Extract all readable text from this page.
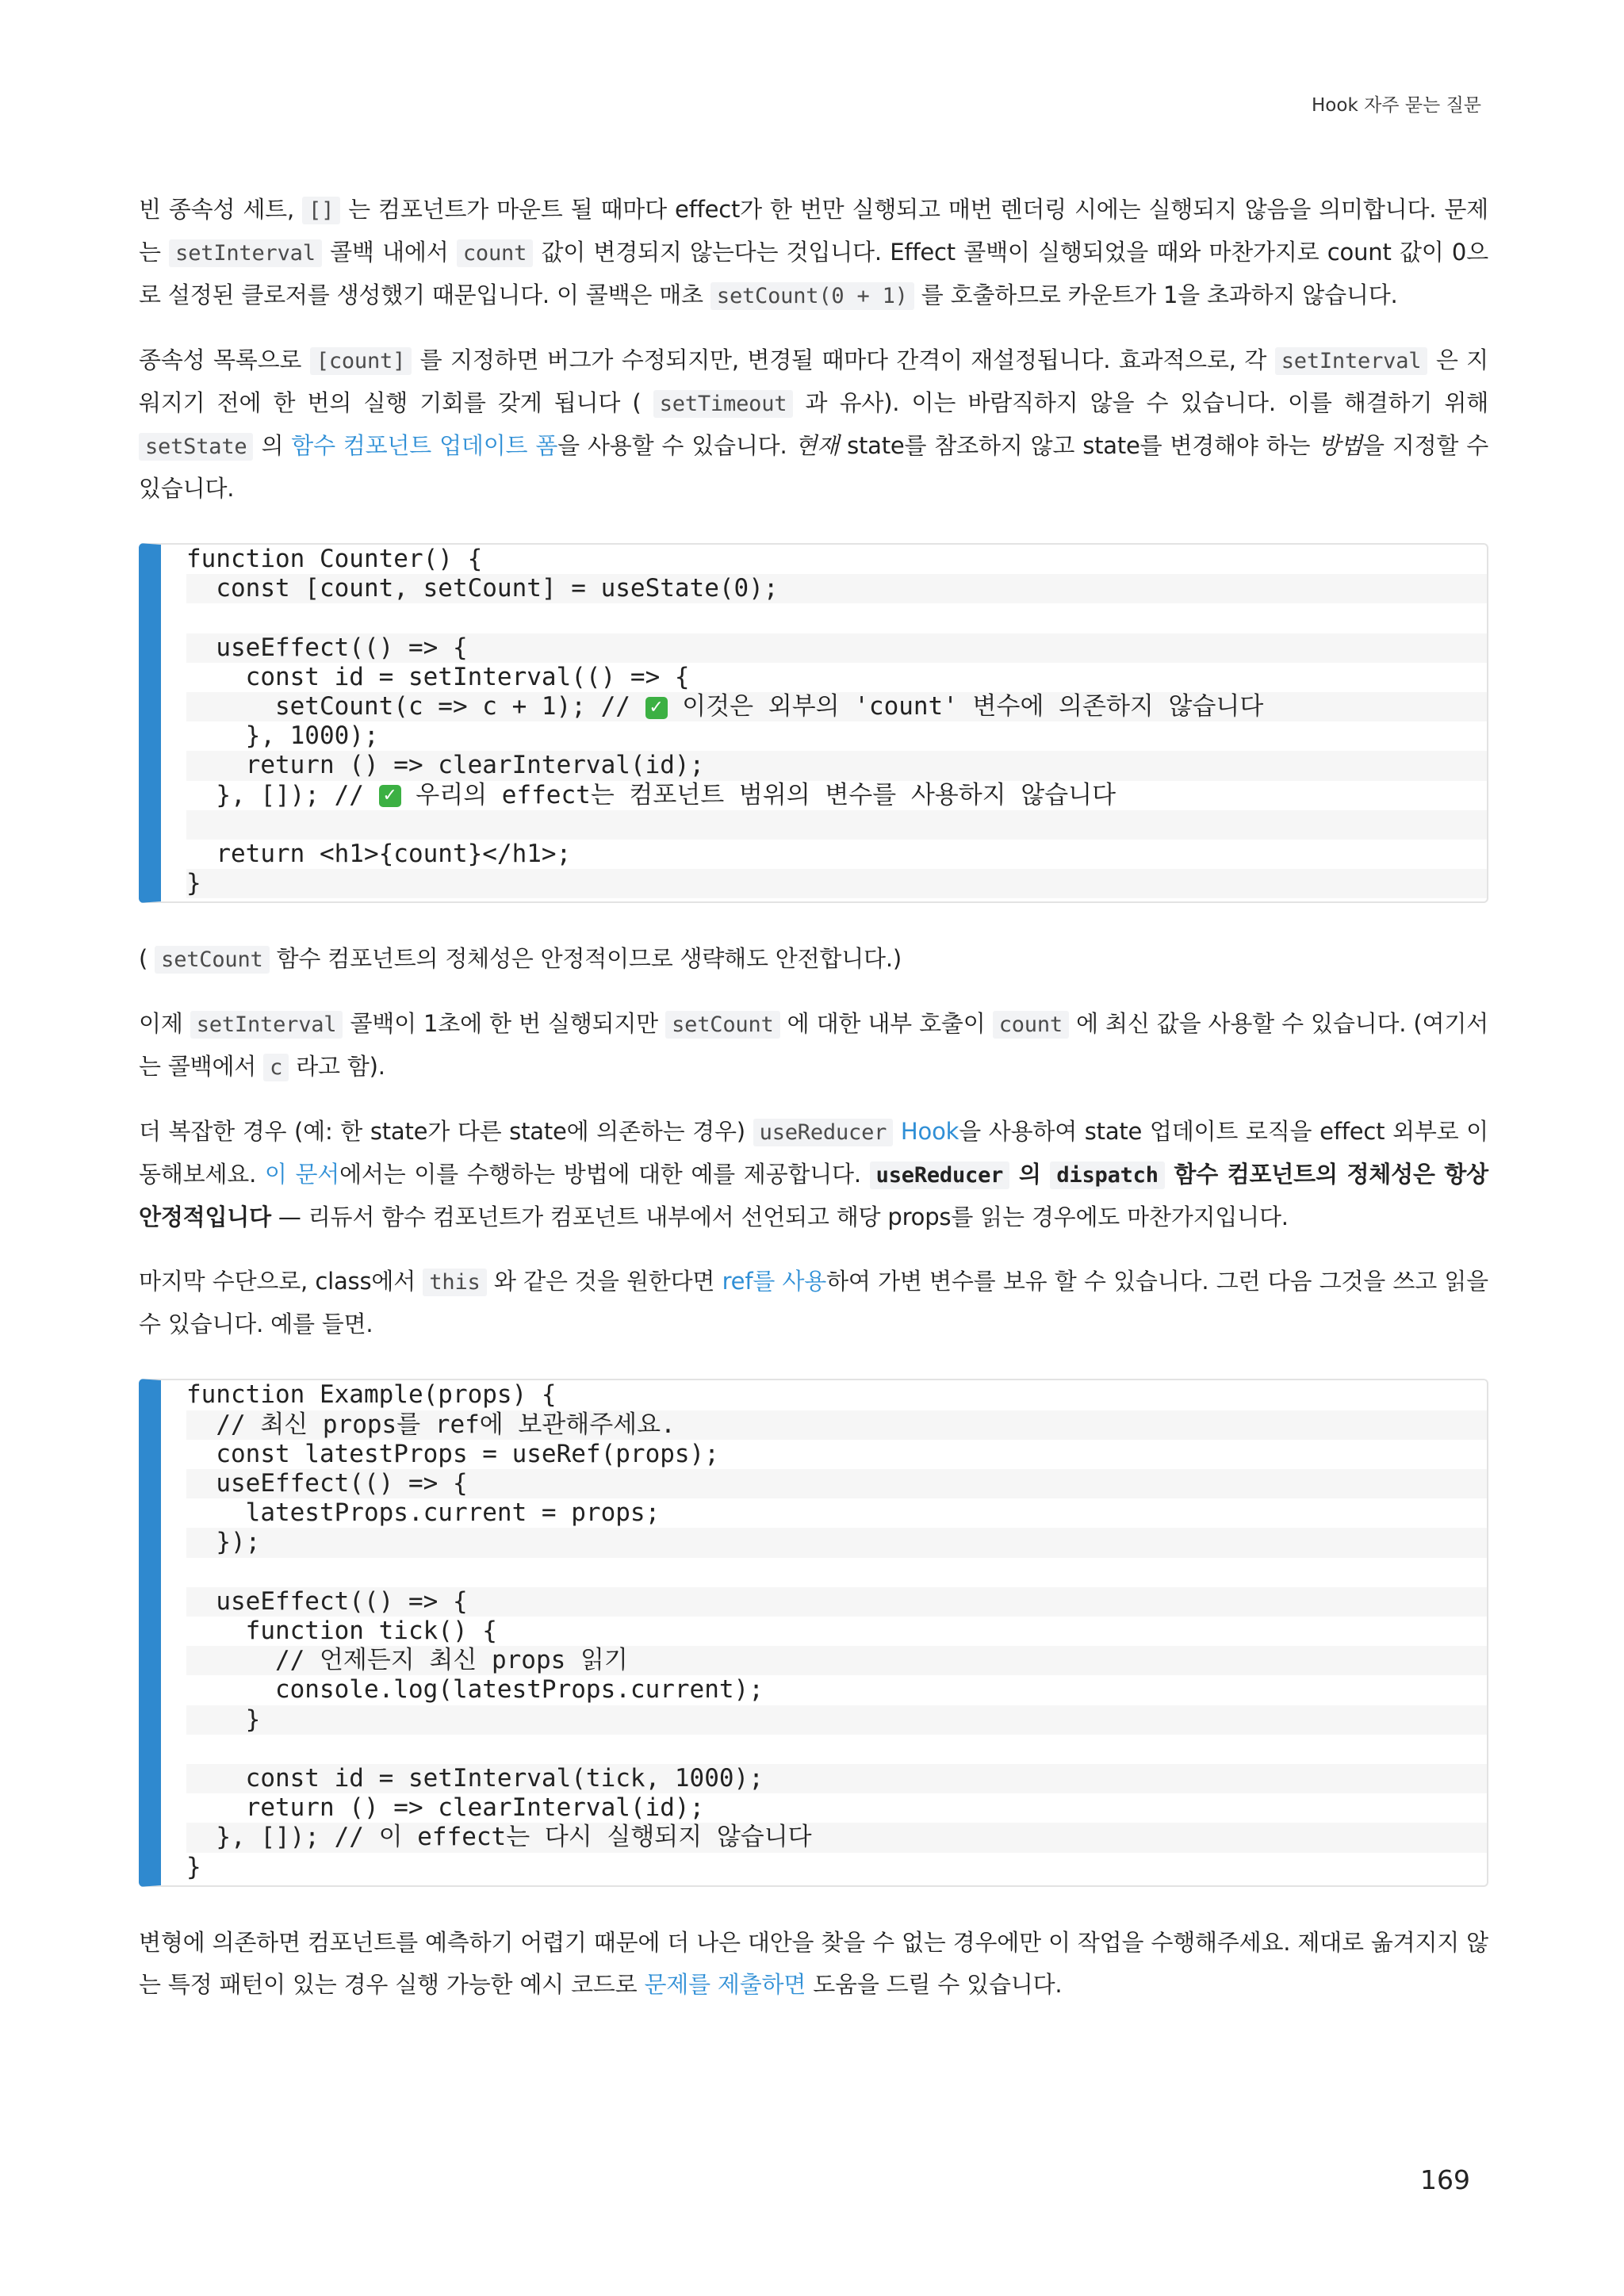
Hook 자주 묻는 질문

빈 종속성 세트, [] 는 컴포넌트가 마운트 될 때마다 effect가 한 번만 실행되고 매번 렌더링 시에는 실행되지 않음을 의미합니다. 문제는 setInterval 콜백 내에서 count 값이 변경되지 않는다는 것입니다. Effect 콜백이 실행되었을 때와 마찬가지로 count 값이 0으로 설정된 클로저를 생성했기 때문입니다. 이 콜백은 매초 setCount(0 + 1) 를 호출하므로 카운트가 1을 초과하지 않습니다.

종속성 목록으로 [count] 를 지정하면 버그가 수정되지만, 변경될 때마다 간격이 재설정됩니다. 효과적으로, 각 setInterval 은 지워지기 전에 한 번의 실행 기회를 갖게 됩니다 ( setTimeout 과 유사). 이는 바람직하지 않을 수 있습니다. 이를 해결하기 위해 setState 의 함수 컴포넌트 업데이트 폼을 사용할 수 있습니다. 현재 state를 참조하지 않고 state를 변경해야 하는 방법을 지정할 수 있습니다.

function Counter() {
const [count, setCount] = useState(0);

useEffect(() => {
const id = setInterval(() => {
setCount(c => c + 1); // ✓ 이것은 외부의 'count' 변수에 의존하지 않습니다
}, 1000);
return () => clearInterval(id);
}, []); // ✓ 우리의 effect는 컴포넌트 범위의 변수를 사용하지 않습니다

return <h1>{count}</h1>;
}

( setCount 함수 컴포넌트의 정체성은 안정적이므로 생략해도 안전합니다.)

이제 setInterval 콜백이 1초에 한 번 실행되지만 setCount 에 대한 내부 호출이 count 에 최신 값을 사용할 수 있습니다. (여기서는 콜백에서 c 라고 함).

더 복잡한 경우 (예: 한 state가 다른 state에 의존하는 경우) useReducer Hook을 사용하여 state 업데이트 로직을 effect 외부로 이동해보세요. 이 문서에서는 이를 수행하는 방법에 대한 예를 제공합니다. useReducer 의 dispatch 함수 컴포넌트의 정체성은 항상 안정적입니다 — 리듀서 함수 컴포넌트가 컴포넌트 내부에서 선언되고 해당 props를 읽는 경우에도 마찬가지입니다.

마지막 수단으로, class에서 this 와 같은 것을 원한다면 ref를 사용하여 가변 변수를 보유 할 수 있습니다. 그런 다음 그것을 쓰고 읽을 수 있습니다. 예를 들면.

function Example(props) {
// 최신 props를 ref에 보관해주세요.
const latestProps = useRef(props);
useEffect(() => {
latestProps.current = props;
});

useEffect(() => {
function tick() {
// 언제든지 최신 props 읽기
console.log(latestProps.current);
}

const id = setInterval(tick, 1000);
return () => clearInterval(id);
}, []); // 이 effect는 다시 실행되지 않습니다
}

변형에 의존하면 컴포넌트를 예측하기 어렵기 때문에 더 나은 대안을 찾을 수 없는 경우에만 이 작업을 수행해주세요. 제대로 옮겨지지 않는 특정 패턴이 있는 경우 실행 가능한 예시 코드로 문제를 제출하면 도움을 드릴 수 있습니다.

169
